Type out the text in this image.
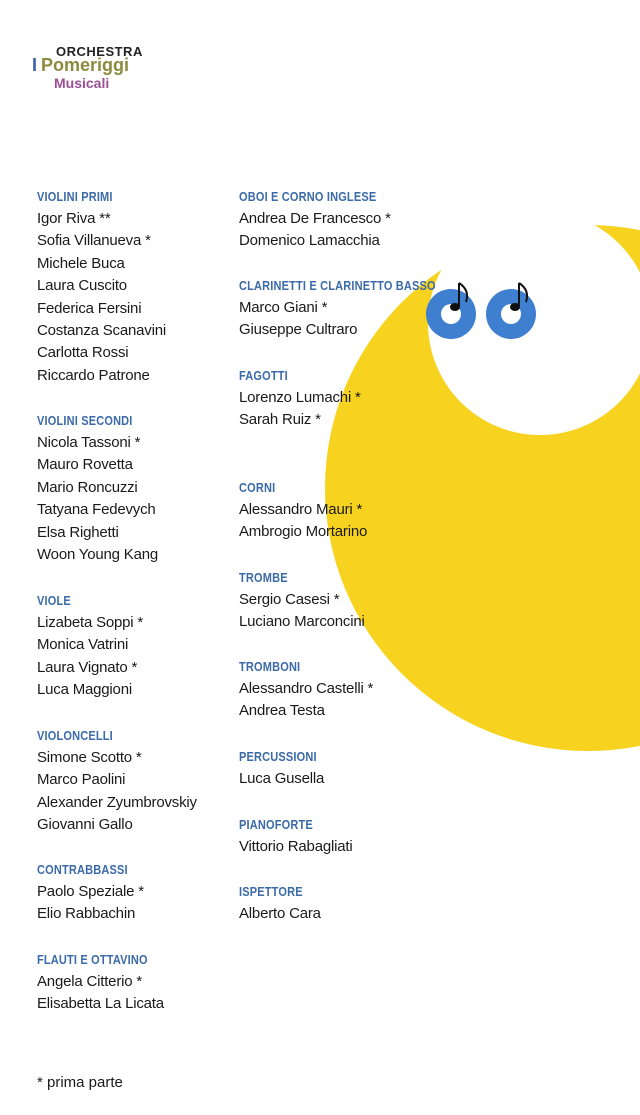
ORCHESTRA
I Pomeriggi
Musicali
VIOLINI PRIMI
Igor Riva **
Sofia Villanueva *
Michele Buca
Laura Cuscito
Federica Fersini
Costanza Scanavini
Carlotta Rossi
Riccardo Patrone
VIOLINI SECONDI
Nicola Tassoni *
Mauro Rovetta
Mario Roncuzzi
Tatyana Fedevych
Elsa Righetti
Woon Young Kang
VIOLE
Lizabeta Soppi *
Monica Vatrini
Laura Vignato *
Luca Maggioni
VIOLONCELLI
Simone Scotto *
Marco Paolini
Alexander Zyumbrovskiy
Giovanni Gallo
CONTRABBASSI
Paolo Speziale *
Elio Rabbachin
FLAUTI E OTTAVINO
Angela Citterio *
Elisabetta La Licata
OBOI E CORNO INGLESE
Andrea De Francesco *
Domenico Lamacchia
CLARINETTI E CLARINETTO BASSO
Marco Giani *
Giuseppe Cultraro
FAGOTTI
Lorenzo Lumachi *
Sarah Ruiz *
CORNI
Alessandro Mauri *
Ambrogio Mortarino
TROMBE
Sergio Casesi *
Luciano Marconcini
TROMBONI
Alessandro Castelli *
Andrea Testa
PERCUSSIONI
Luca Gusella
PIANOFORTE
Vittorio Rabagliati
ISPETTORE
Alberto Cara
* prima parte
